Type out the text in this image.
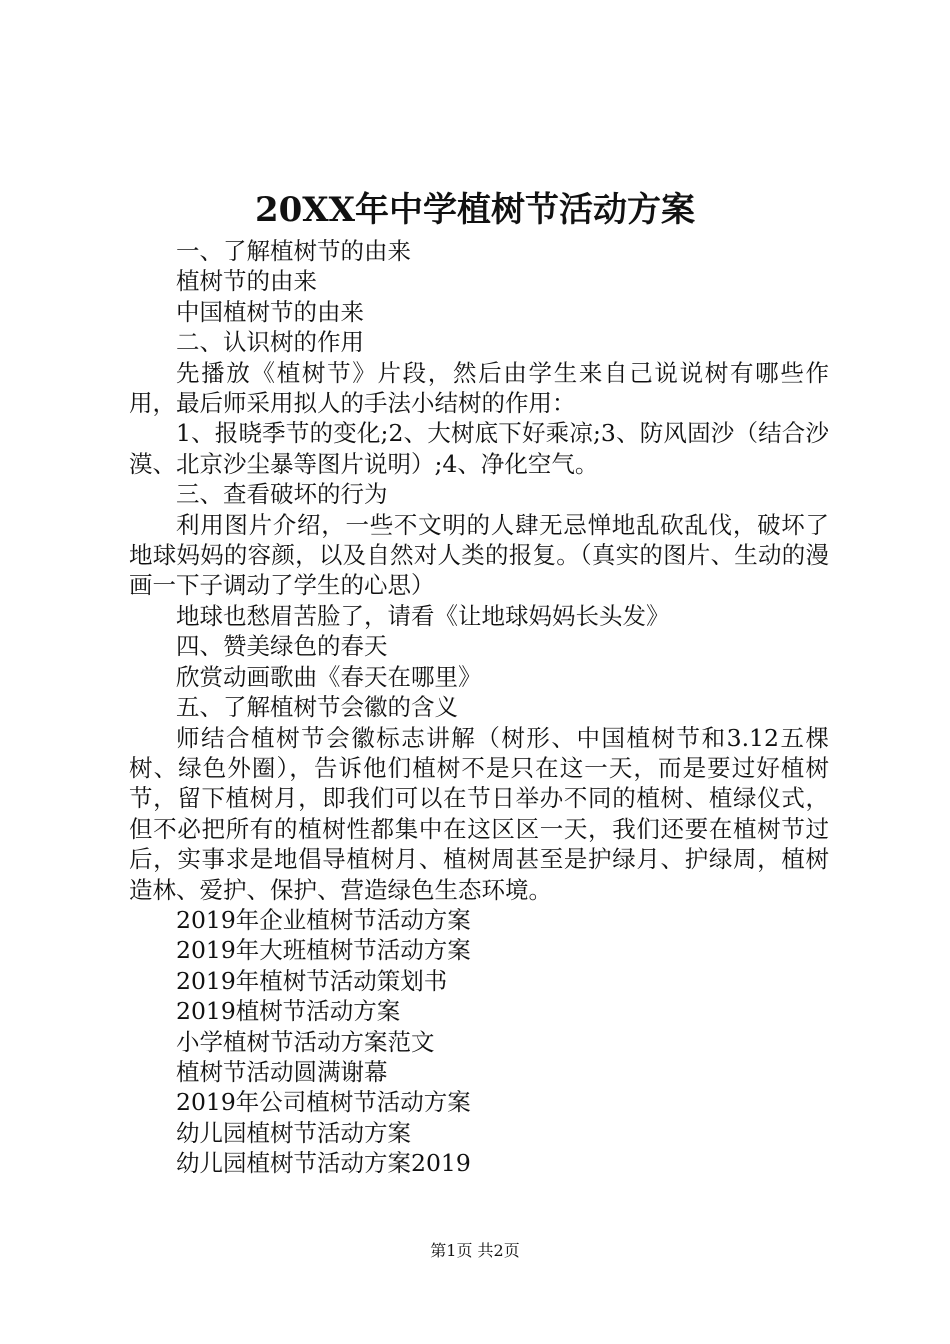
20XX年中学植树节活动方案

一、了解植树节的由来

植树节的由来

中国植树节的由来

二、认识树的作用

先播放《植树节》片段，然后由学生来自己说说树有哪些作用，最后师采用拟人的手法小结树的作用：

1、报晓季节的变化;2、大树底下好乘凉;3、防风固沙（结合沙漠、北京沙尘暴等图片说明）;4、净化空气。

三、查看破坏的行为

利用图片介绍，一些不文明的人肆无忌惮地乱砍乱伐，破坏了地球妈妈的容颜，以及自然对人类的报复。（真实的图片、生动的漫画一下子调动了学生的心思）

地球也愁眉苦脸了，请看《让地球妈妈长头发》

四、赞美绿色的春天

欣赏动画歌曲《春天在哪里》

五、了解植树节会徽的含义

师结合植树节会徽标志讲解（树形、中国植树节和3.12五棵树、绿色外圈），告诉他们植树不是只在这一天，而是要过好植树节，留下植树月，即我们可以在节日举办不同的植树、植绿仪式，但不必把所有的植树性都集中在这区区一天，我们还要在植树节过后，实事求是地倡导植树月、植树周甚至是护绿月、护绿周，植树造林、爱护、保护、营造绿色生态环境。

2019年企业植树节活动方案

2019年大班植树节活动方案

2019年植树节活动策划书

2019植树节活动方案

小学植树节活动方案范文

植树节活动圆满谢幕

2019年公司植树节活动方案

幼儿园植树节活动方案

幼儿园植树节活动方案2019

第1页 共2页
